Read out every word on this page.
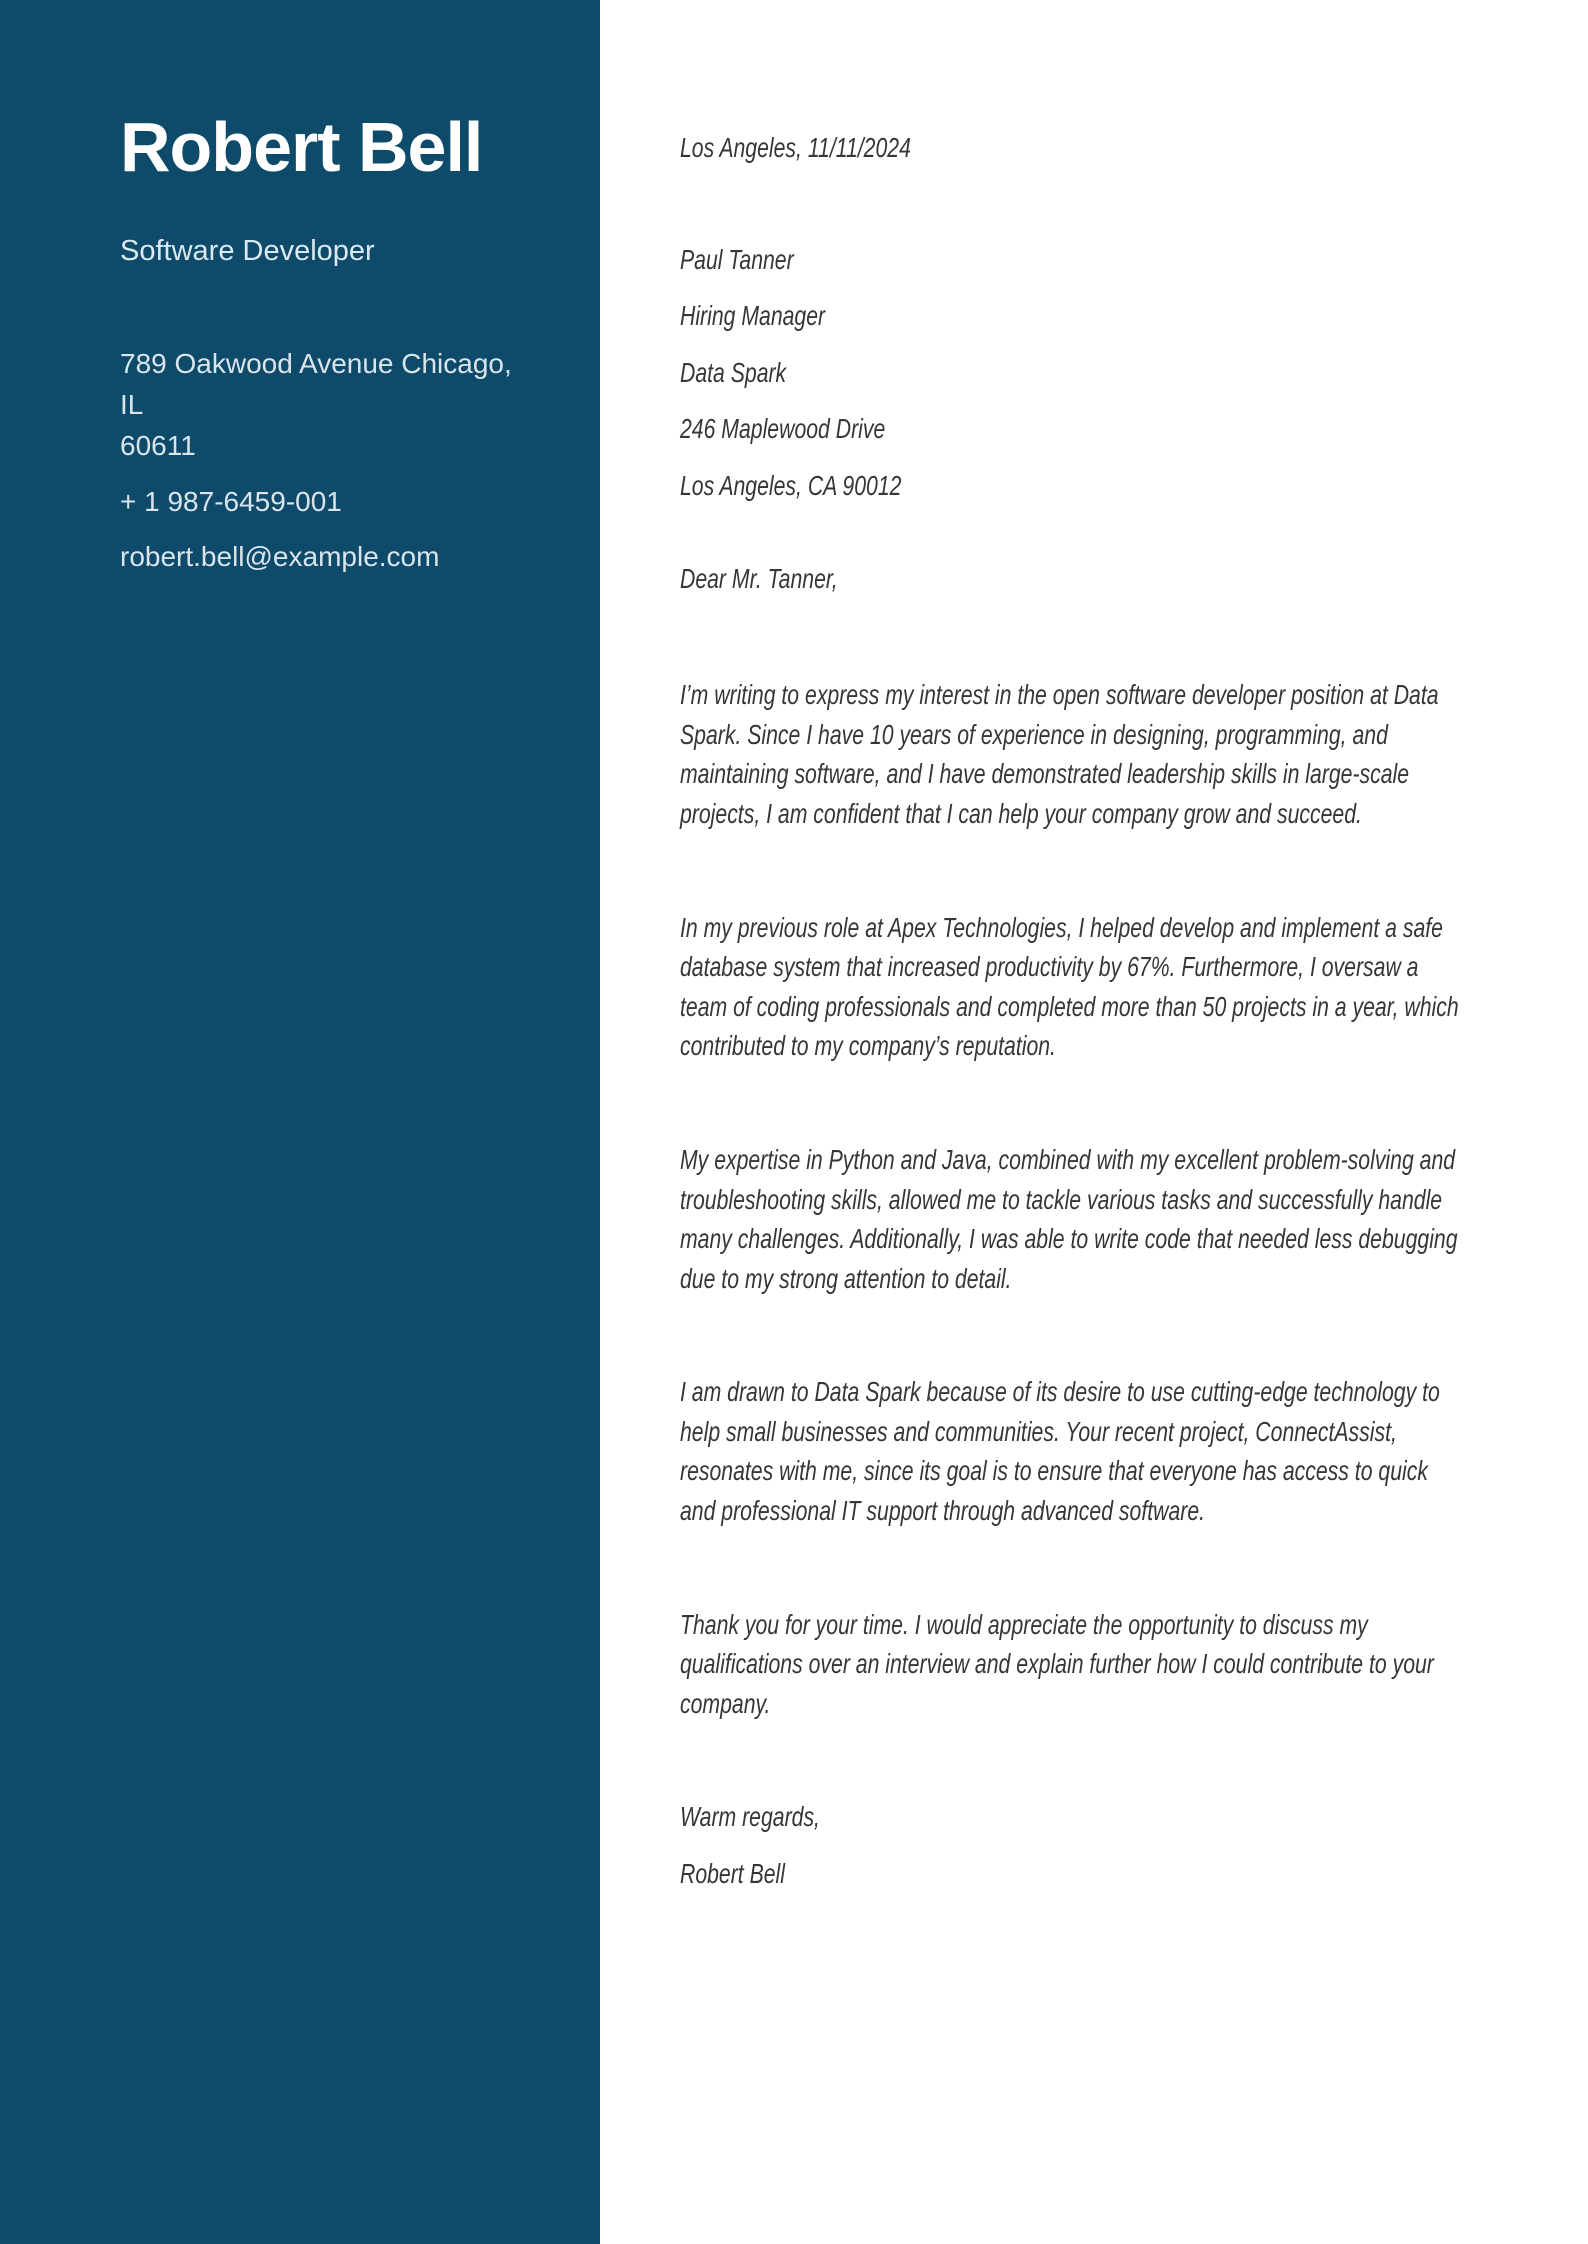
Robert Bell
Software Developer
789 Oakwood Avenue Chicago, IL
60611
+ 1 987-6459-001
robert.bell@example.com
Los Angeles, 11/11/2024
Paul Tanner
Hiring Manager
Data Spark
246 Maplewood Drive
Los Angeles, CA 90012
Dear Mr. Tanner,
I’m writing to express my interest in the open software developer position at Data Spark. Since I have 10 years of experience in designing, programming, and maintaining software, and I have demonstrated leadership skills in large-scale projects, I am confident that I can help your company grow and succeed.
In my previous role at Apex Technologies, I helped develop and implement a safe database system that increased productivity by 67%. Furthermore, I oversaw a team of coding professionals and completed more than 50 projects in a year, which contributed to my company’s reputation.
My expertise in Python and Java, combined with my excellent problem-solving and troubleshooting skills, allowed me to tackle various tasks and successfully handle many challenges. Additionally, I was able to write code that needed less debugging due to my strong attention to detail.
I am drawn to Data Spark because of its desire to use cutting-edge technology to help small businesses and communities. Your recent project, ConnectAssist, resonates with me, since its goal is to ensure that everyone has access to quick and professional IT support through advanced software.
Thank you for your time. I would appreciate the opportunity to discuss my qualifications over an interview and explain further how I could contribute to your company.
Warm regards,
Robert Bell
